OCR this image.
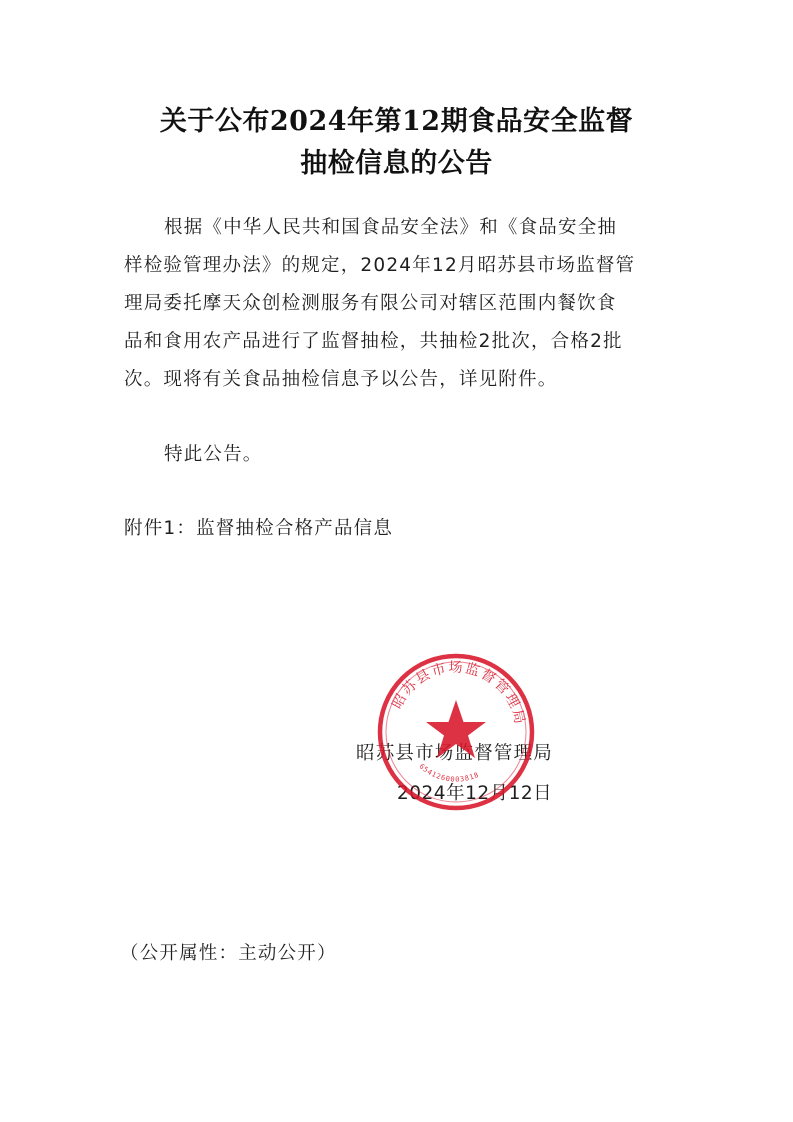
关于公布2024年第12期食品安全监督
抽检信息的公告
根据《中华人民共和国食品安全法》和《食品安全抽
样检验管理办法》的规定，2024年12月昭苏县市场监督管
理局委托摩天众创检测服务有限公司对辖区范围内餐饮食
品和食用农产品进行了监督抽检，共抽检2批次，合格2批
次。现将有关食品抽检信息予以公告，详见附件。
特此公告。
附件1：监督抽检合格产品信息
昭苏县市场监督管理局
2024年12月12日
昭苏县市场监督管理局
6541260003818
（公开属性：主动公开）
